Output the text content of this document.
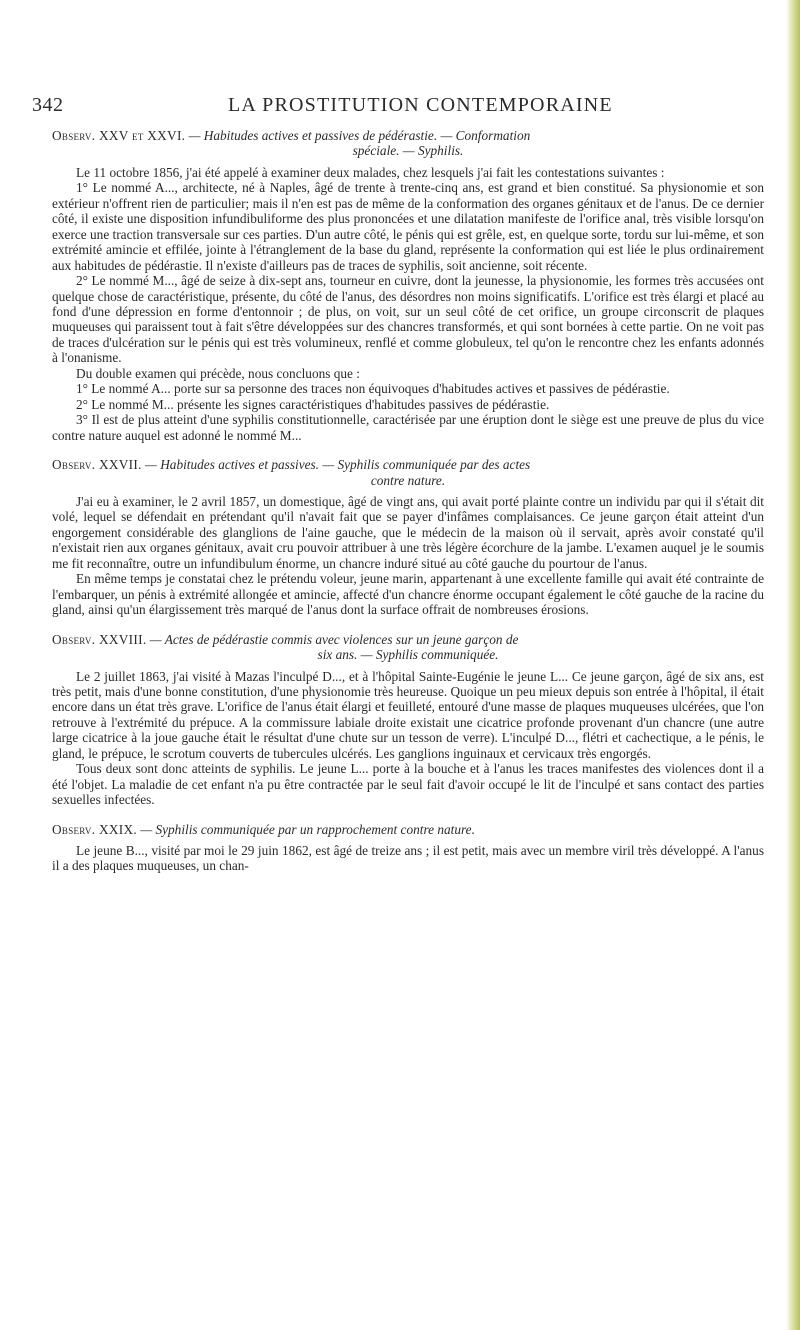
342	LA PROSTITUTION CONTEMPORAINE

Observ. XXV et XXVI. — Habitudes actives et passives de pédérastie. — Conformation

spéciale. — Syphilis.

Le 11 octobre 1856, j'ai été appelé à examiner deux malades, chez lesquels j'ai fait les contestations suivantes :

1° Le nommé A..., architecte, né à Naples, âgé de trente à trente-cinq ans, est grand et bien constitué. Sa physionomie et son extérieur n'offrent rien de particulier; mais il n'en est pas de même de la conformation des organes génitaux et de l'anus. De ce dernier côté, il existe une disposition infundibuliforme des plus prononcées et une dilatation manifeste de l'orifice anal, très visible lorsqu'on exerce une traction transversale sur ces parties. D'un autre côté, le pénis qui est grêle, est, en quelque sorte, tordu sur lui-même, et son extrémité amincie et effilée, jointe à l'étranglement de la base du gland, représente la conformation qui est liée le plus ordinairement aux habitudes de pédérastie. Il n'existe d'ailleurs pas de traces de syphilis, soit ancienne, soit récente.

2° Le nommé M..., âgé de seize à dix-sept ans, tourneur en cuivre, dont la jeunesse, la physionomie, les formes très accusées ont quelque chose de caractéristique, présente, du côté de l'anus, des désordres non moins significatifs. L'orifice est très élargi et placé au fond d'une dépression en forme d'entonnoir ; de plus, on voit, sur un seul côté de cet orifice, un groupe circonscrit de plaques muqueuses qui paraissent tout à fait s'être développées sur des chancres transformés, et qui sont bornées à cette partie. On ne voit pas de traces d'ulcération sur le pénis qui est très volumineux, renflé et comme globuleux, tel qu'on le rencontre chez les enfants adonnés à l'onanisme.

Du double examen qui précède, nous concluons que :

1° Le nommé A... porte sur sa personne des traces non équivoques d'habitudes actives et passives de pédérastie.

2° Le nommé M... présente les signes caractéristiques d'habitudes passives de pédérastie.

3° Il est de plus atteint d'une syphilis constitutionnelle, caractérisée par une éruption dont le siège est une preuve de plus du vice contre nature auquel est adonné le nommé M...

Observ. XXVII. — Habitudes actives et passives. — Syphilis communiquée par des actes

contre nature.

J'ai eu à examiner, le 2 avril 1857, un domestique, âgé de vingt ans, qui avait porté plainte contre un individu par qui il s'était dit volé, lequel se défendait en prétendant qu'il n'avait fait que se payer d'infâmes complaisances. Ce jeune garçon était atteint d'un engorgement considérable des glanglions de l'aine gauche, que le médecin de la maison où il servait, après avoir constaté qu'il n'existait rien aux organes génitaux, avait cru pouvoir attribuer à une très légère écorchure de la jambe. L'examen auquel je le soumis me fit reconnaître, outre un infundibulum énorme, un chancre induré situé au côté gauche du pourtour de l'anus.

En même temps je constatai chez le prétendu voleur, jeune marin, appartenant à une excellente famille qui avait été contrainte de l'embarquer, un pénis à extrémité allongée et amincie, affecté d'un chancre énorme occupant également le côté gauche de la racine du gland, ainsi qu'un élargissement très marqué de l'anus dont la surface offrait de nombreuses érosions.

Observ. XXVIII. — Actes de pédérastie commis avec violences sur un jeune garçon de

six ans. — Syphilis communiquée.

Le 2 juillet 1863, j'ai visité à Mazas l'inculpé D..., et à l'hôpital Sainte-Eugénie le jeune L... Ce jeune garçon, âgé de six ans, est très petit, mais d'une bonne constitution, d'une physionomie très heureuse. Quoique un peu mieux depuis son entrée à l'hôpital, il était encore dans un état très grave. L'orifice de l'anus était élargi et feuilleté, entouré d'une masse de plaques muqueuses ulcérées, que l'on retrouve à l'extrémité du prépuce. A la commissure labiale droite existait une cicatrice profonde provenant d'un chancre (une autre large cicatrice à la joue gauche était le résultat d'une chute sur un tesson de verre). L'inculpé D..., flétri et cachectique, a le pénis, le gland, le prépuce, le scrotum couverts de tubercules ulcérés. Les ganglions inguinaux et cervicaux très engorgés.

Tous deux sont donc atteints de syphilis. Le jeune L... porte à la bouche et à l'anus les traces manifestes des violences dont il a été l'objet. La maladie de cet enfant n'a pu être contractée par le seul fait d'avoir occupé le lit de l'inculpé et sans contact des parties sexuelles infectées.

Observ. XXIX. — Syphilis communiquée par un rapprochement contre nature.

Le jeune B..., visité par moi le 29 juin 1862, est âgé de treize ans ; il est petit, mais avec un membre viril très développé. A l'anus il a des plaques muqueuses, un chan-
